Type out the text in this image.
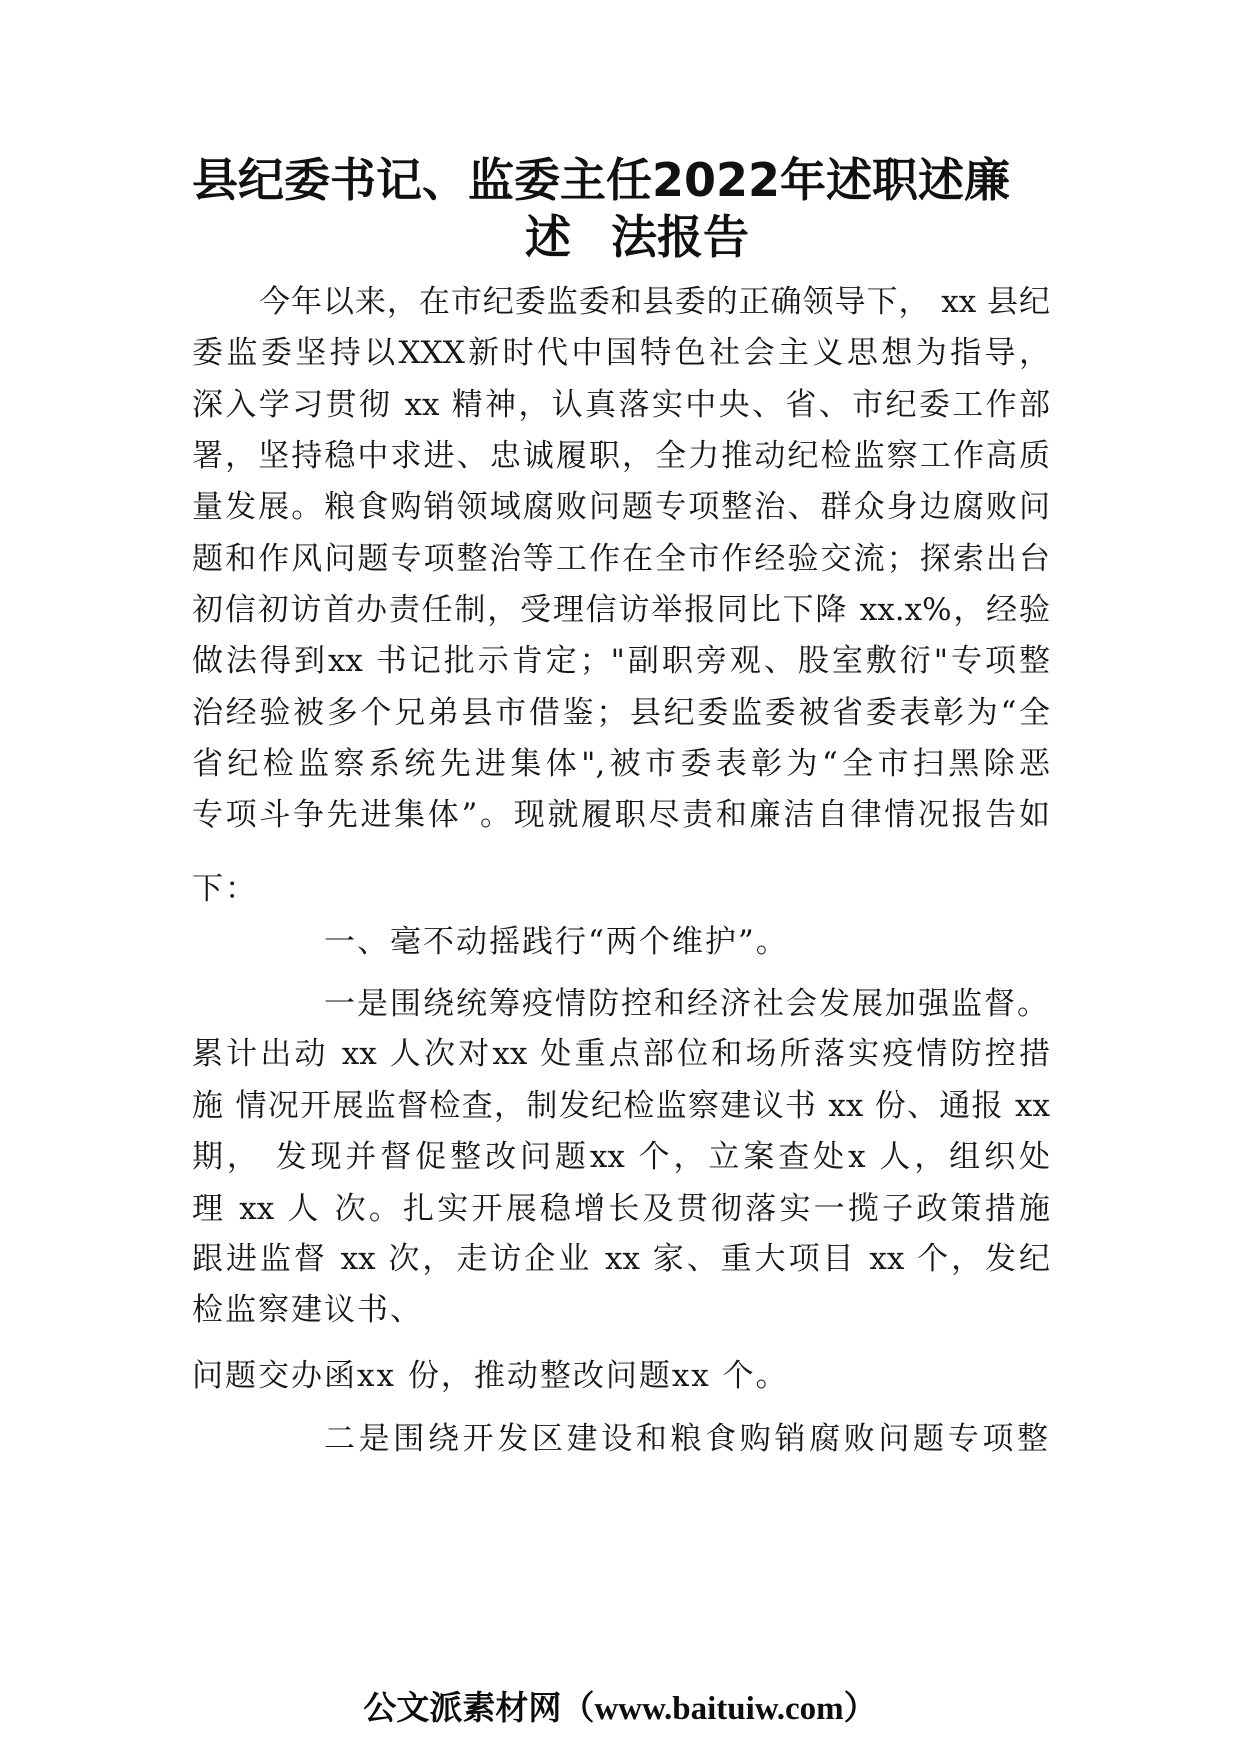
县纪委书记、监委主任2022年述职述廉
述 法报告
今年以来，在市纪委监委和县委的正确领导下， xx 县纪
委监委坚持以XXX新时代中国特色社会主义思想为指导，
深入学习贯彻 xx 精神，认真落实中央、省、市纪委工作部
署，坚持稳中求进、忠诚履职，全力推动纪检监察工作高质
量发展。粮食购销领域腐败问题专项整治、群众身边腐败问
题和作风问题专项整治等工作在全市作经验交流；探索出台
初信初访首办责任制，受理信访举报同比下降 xx.x%，经验
做法得到xx 书记批示肯定；"副职旁观、股室敷衍"专项整
治经验被多个兄弟县市借鉴；县纪委监委被省委表彰为“全
省纪检监察系统先进集体",被市委表彰为“全市扫黑除恶
专项斗争先进集体”。现就履职尽责和廉洁自律情况报告如
下：
一、毫不动摇践行“两个维护”。
一是围绕统筹疫情防控和经济社会发展加强监督。
累计出动 xx 人次对xx 处重点部位和场所落实疫情防控措
施 情况开展监督检查，制发纪检监察建议书 xx 份、通报 xx
期， 发现并督促整改问题xx 个，立案查处x 人，组织处
理 xx 人 次。扎实开展稳增长及贯彻落实一揽子政策措施
跟进监督 xx 次，走访企业 xx 家、重大项目 xx 个，发纪
检监察建议书、
问题交办函xx 份，推动整改问题xx 个。
二是围绕开发区建设和粮食购销腐败问题专项整
公文派素材网（www.baituiw.com）
